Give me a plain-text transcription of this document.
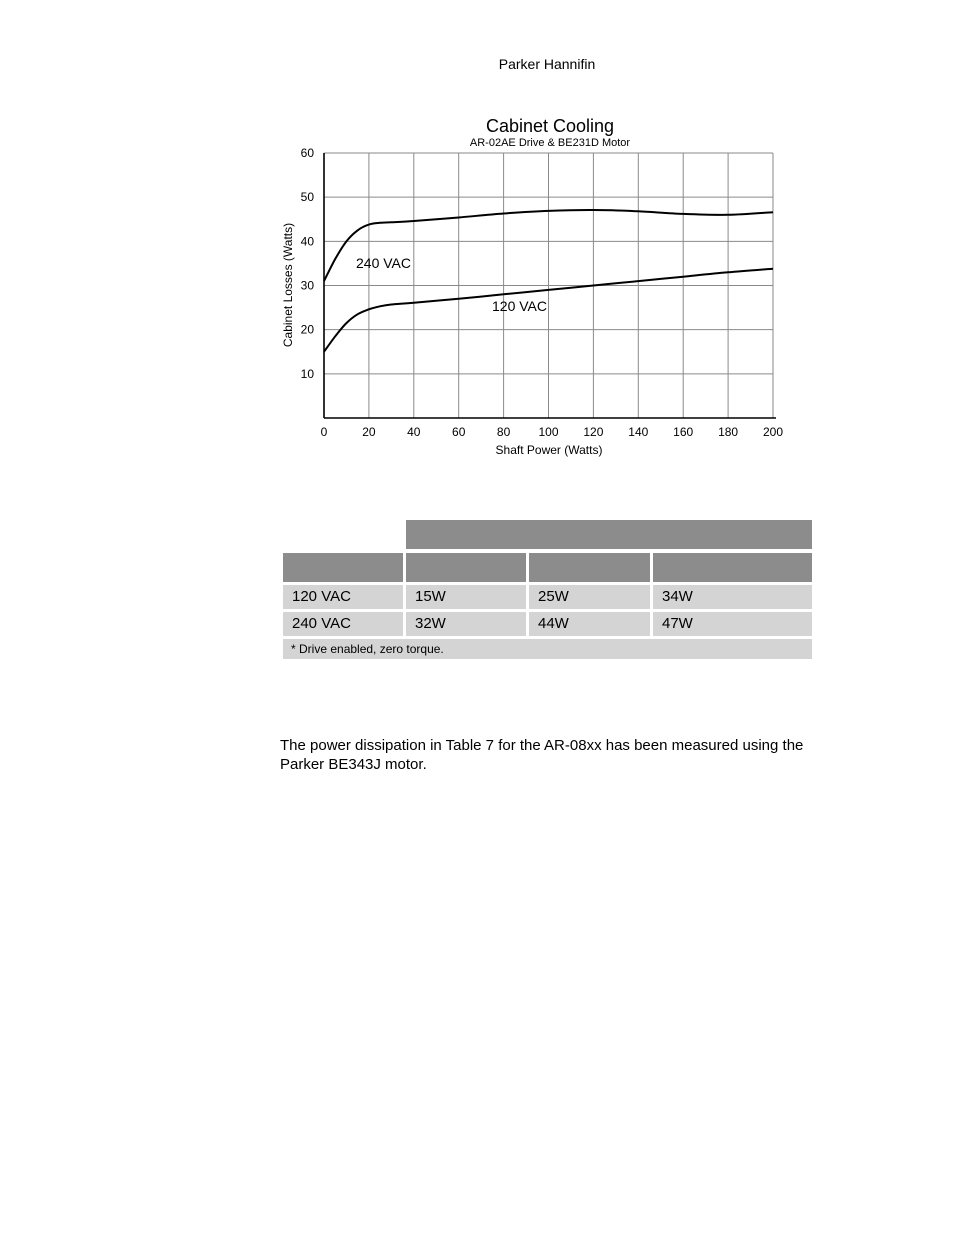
Parker Hannifin
Cabinet Cooling
AR-02AE Drive & BE231D Motor
0	20	40	60	80 100 120 140 160 180 200
10
20
30
40
50
60
Shaft Power (Watts)
Cabinet Losses (Watts)	240 VAC
120 VAC
120 VAC	15W	25W	34W
240 VAC	32W	44W	47W
* Drive enabled, zero torque.
The power dissipation in Table 7 for the AR-08xx has been measured using the Parker BE343J motor.
